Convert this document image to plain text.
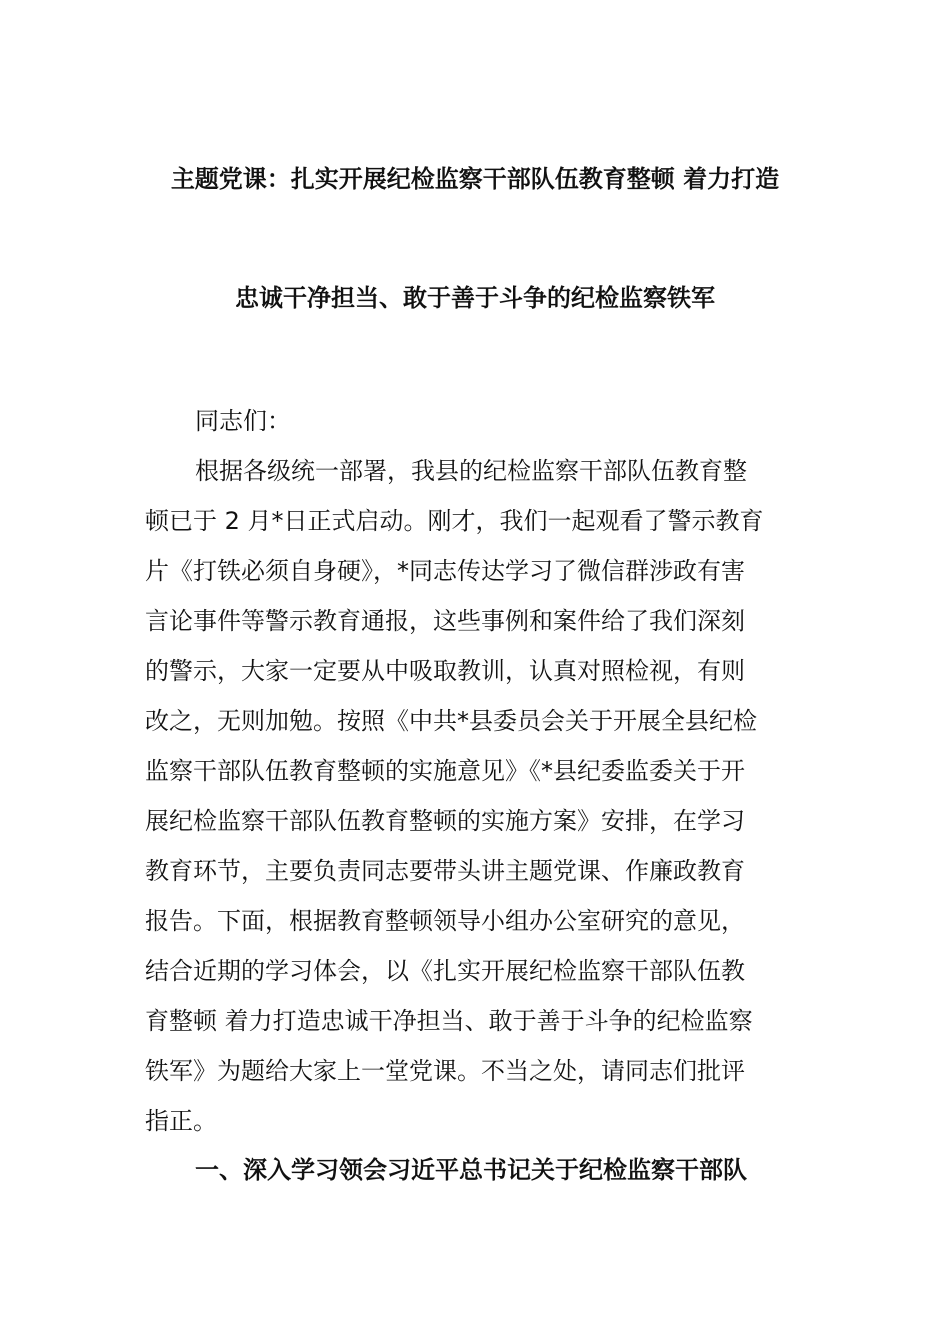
主题党课：扎实开展纪检监察干部队伍教育整顿 着力打造
忠诚干净担当、敢于善于斗争的纪检监察铁军
同志们：
根据各级统一部署，我县的纪检监察干部队伍教育整
顿已于 2 月*日正式启动。刚才，我们一起观看了警示教育
片《打铁必须自身硬》，*同志传达学习了微信群涉政有害
言论事件等警示教育通报，这些事例和案件给了我们深刻
的警示，大家一定要从中吸取教训，认真对照检视，有则
改之，无则加勉。按照《中共*县委员会关于开展全县纪检
监察干部队伍教育整顿的实施意见》《*县纪委监委关于开
展纪检监察干部队伍教育整顿的实施方案》安排，在学习
教育环节，主要负责同志要带头讲主题党课、作廉政教育
报告。下面，根据教育整顿领导小组办公室研究的意见，
结合近期的学习体会，以《扎实开展纪检监察干部队伍教
育整顿 着力打造忠诚干净担当、敢于善于斗争的纪检监察
铁军》为题给大家上一堂党课。不当之处，请同志们批评
指正。
一、深入学习领会习近平总书记关于纪检监察干部队
